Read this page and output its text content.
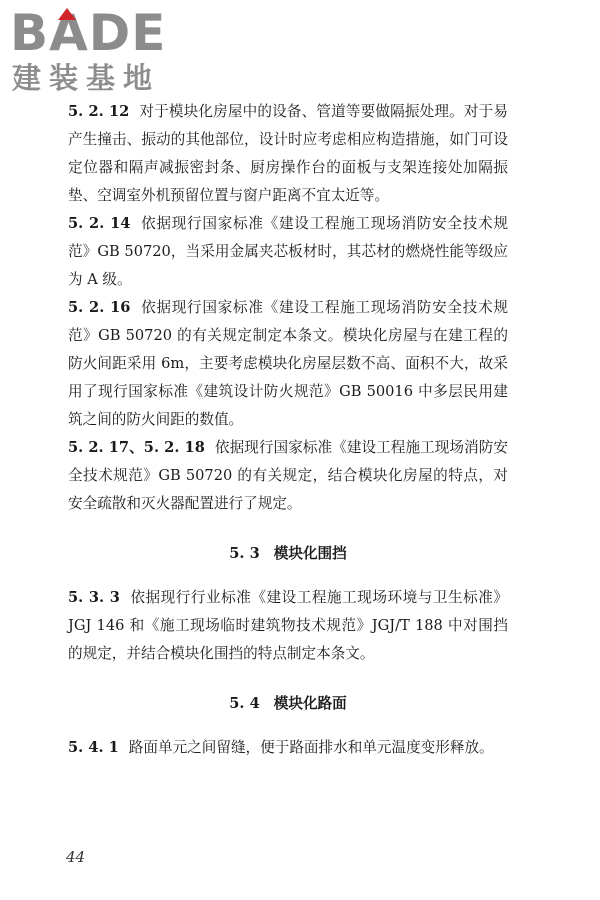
BADE
建装基地

5. 2. 12 对于模块化房屋中的设备、管道等要做隔振处理。对于易产生撞击、振动的其他部位，设计时应考虑相应构造措施，如门可设定位器和隔声减振密封条、厨房操作台的面板与支架连接处加隔振垫、空调室外机预留位置与窗户距离不宜太近等。

5. 2. 14 依据现行国家标准《建设工程施工现场消防安全技术规范》GB 50720，当采用金属夹芯板材时，其芯材的燃烧性能等级应为 A 级。

5. 2. 16 依据现行国家标准《建设工程施工现场消防安全技术规范》GB 50720 的有关规定制定本条文。模块化房屋与在建工程的防火间距采用 6m，主要考虑模块化房屋层数不高、面积不大，故采用了现行国家标准《建筑设计防火规范》GB 50016 中多层民用建筑之间的防火间距的数值。

5. 2. 17、5. 2. 18 依据现行国家标准《建设工程施工现场消防安全技术规范》GB 50720 的有关规定，结合模块化房屋的特点，对安全疏散和灭火器配置进行了规定。

5. 3 模块化围挡

5. 3. 3 依据现行行业标准《建设工程施工现场环境与卫生标准》JGJ 146 和《施工现场临时建筑物技术规范》JGJ/T 188 中对围挡的规定，并结合模块化围挡的特点制定本条文。

5. 4 模块化路面

5. 4. 1 路面单元之间留缝，便于路面排水和单元温度变形释放。

44
